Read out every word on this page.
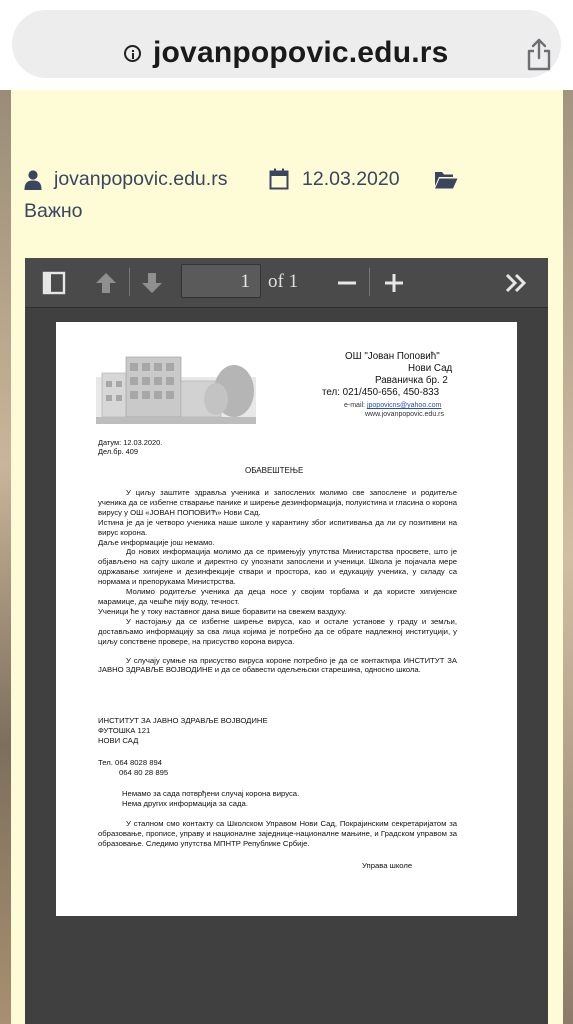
jovanpopovic.edu.rs
jovanpopovic.edu.rs	12.03.2020
Важно
1 of 1
ОШ "Јован Поповић"
Нови Сад
Раваничка бр. 2
тел: 021/450-656, 450-833
e-mail: jpopovicns@yahoo.com
www.jovanpopovic.edu.rs
Датум: 12.03.2020.
Дел.бр. 409
ОБАВЕШТЕЊЕ

У циљу заштите здравља ученика и запослених молимо све запослене и родитеље ученика да се избегне стварање панике и ширење дезинформација, полуистина и гласина о корона вирусу у ОШ «ЈОВАН ПОПОВИЋ» Нови Сад.

Истина је да је четворо ученика наше школе у карантину због испитивања да ли су позитивни на вирус корона.

Даље информације још немамо.

До нових информација молимо да се примењују упутства Министарства просвете, што је објављено на сајту школе и директно су упознати запослени и ученици. Школа је појачала мере одржавање хигијене и дезинфекције ствари и простора, као и едукацију ученика, у складу са нормама и препорукама Министрства.

Молимо родитеље ученика да деца носе у својим торбама и да користе хигијенске марамице, да чешће пију воду, течност.

Ученици ће у току наставног дана више боравити на свежем ваздуху.

У настојању да се избегне ширење вируса, као и остале установе у граду и земљи, достављамо информацију за сва лица којима је потребно да се обрате надлежној институцији, у циљу сопствене провере, на присуство корона вируса.

У случају сумње на присуство вируса короне потребно је да се контактира ИНСТИТУТ ЗА ЈАВНО ЗДРАВЉЕ ВОЈВОДИНЕ и да се обавести одељењски старешина, односно школа.

ИНСТИТУТ ЗА ЈАВНО ЗДРАВЉЕ ВОЈВОДИНЕ
ФУТОШКА 121
НОВИ САД
Тел. 064 8028 894
064 80 28 895
Немамо за сада потврђени случај корона вируса.
Нема других информација за сада.

У сталном смо контакту са Школском Управом Нови Сад, Покрајинским секретаријатом за образовање, прописе, управу и националне заједнице-националне мањине, и Градском управом за образовање. Следимо упутства МПНТР Републике Србије.

Управа школе
